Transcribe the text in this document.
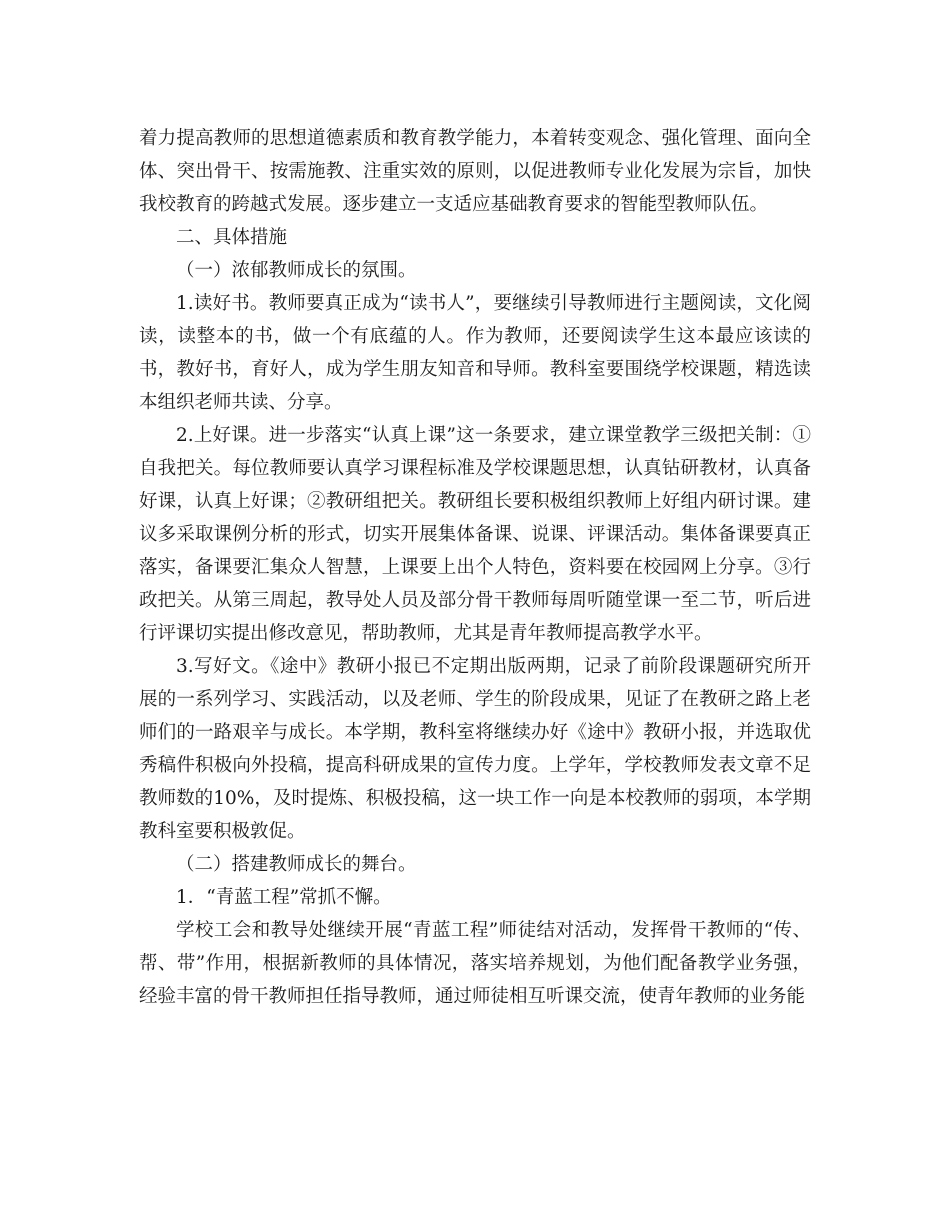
着力提高教师的思想道德素质和教育教学能力，本着转变观念、强化管理、面向全体、突出骨干、按需施教、注重实效的原则，以促进教师专业化发展为宗旨，加快我校教育的跨越式发展。逐步建立一支适应基础教育要求的智能型教师队伍。

二、具体措施

（一）浓郁教师成长的氛围。

1.读好书。教师要真正成为“读书人”，要继续引导教师进行主题阅读，文化阅读，读整本的书，做一个有底蕴的人。作为教师，还要阅读学生这本最应该读的书，教好书，育好人，成为学生朋友知音和导师。教科室要围绕学校课题，精选读本组织老师共读、分享。

2.上好课。进一步落实“认真上课”这一条要求，建立课堂教学三级把关制：①自我把关。每位教师要认真学习课程标准及学校课题思想，认真钻研教材，认真备好课，认真上好课；②教研组把关。教研组长要积极组织教师上好组内研讨课。建议多采取课例分析的形式，切实开展集体备课、说课、评课活动。集体备课要真正落实，备课要汇集众人智慧，上课要上出个人特色，资料要在校园网上分享。③行政把关。从第三周起，教导处人员及部分骨干教师每周听随堂课一至二节，听后进行评课切实提出修改意见，帮助教师，尤其是青年教师提高教学水平。

3.写好文。《途中》教研小报已不定期出版两期，记录了前阶段课题研究所开展的一系列学习、实践活动，以及老师、学生的阶段成果，见证了在教研之路上老师们的一路艰辛与成长。本学期，教科室将继续办好《途中》教研小报，并选取优秀稿件积极向外投稿，提高科研成果的宣传力度。上学年，学校教师发表文章不足教师数的10%，及时提炼、积极投稿，这一块工作一向是本校教师的弱项，本学期教科室要积极敦促。

（二）搭建教师成长的舞台。

1．“青蓝工程”常抓不懈。

学校工会和教导处继续开展“青蓝工程”师徒结对活动，发挥骨干教师的“传、帮、带”作用，根据新教师的具体情况，落实培养规划，为他们配备教学业务强，经验丰富的骨干教师担任指导教师，通过师徒相互听课交流，使青年教师的业务能
